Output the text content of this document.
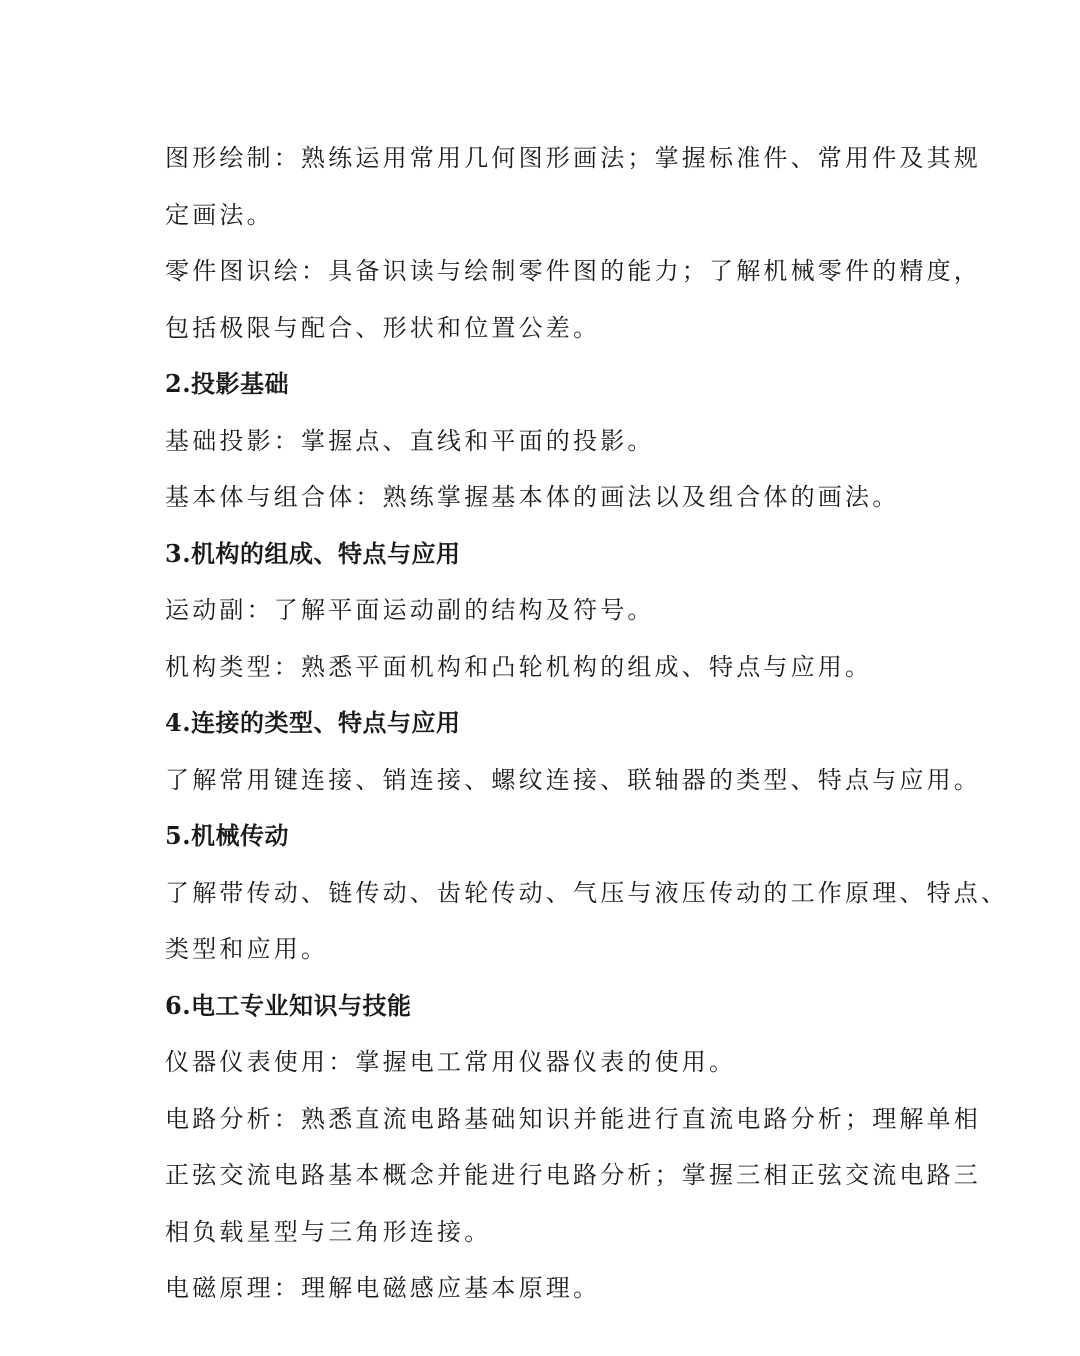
图形绘制：熟练运用常用几何图形画法；掌握标准件、常用件及其规
定画法。

零件图识绘：具备识读与绘制零件图的能力；了解机械零件的精度，
包括极限与配合、形状和位置公差。

2.投影基础

基础投影：掌握点、直线和平面的投影。

基本体与组合体：熟练掌握基本体的画法以及组合体的画法。

3.机构的组成、特点与应用

运动副：了解平面运动副的结构及符号。

机构类型：熟悉平面机构和凸轮机构的组成、特点与应用。

4.连接的类型、特点与应用

了解常用键连接、销连接、螺纹连接、联轴器的类型、特点与应用。

5.机械传动

了解带传动、链传动、齿轮传动、气压与液压传动的工作原理、特点、
类型和应用。

6.电工专业知识与技能

仪器仪表使用：掌握电工常用仪器仪表的使用。

电路分析：熟悉直流电路基础知识并能进行直流电路分析；理解单相
正弦交流电路基本概念并能进行电路分析；掌握三相正弦交流电路三
相负载星型与三角形连接。

电磁原理：理解电磁感应基本原理。
